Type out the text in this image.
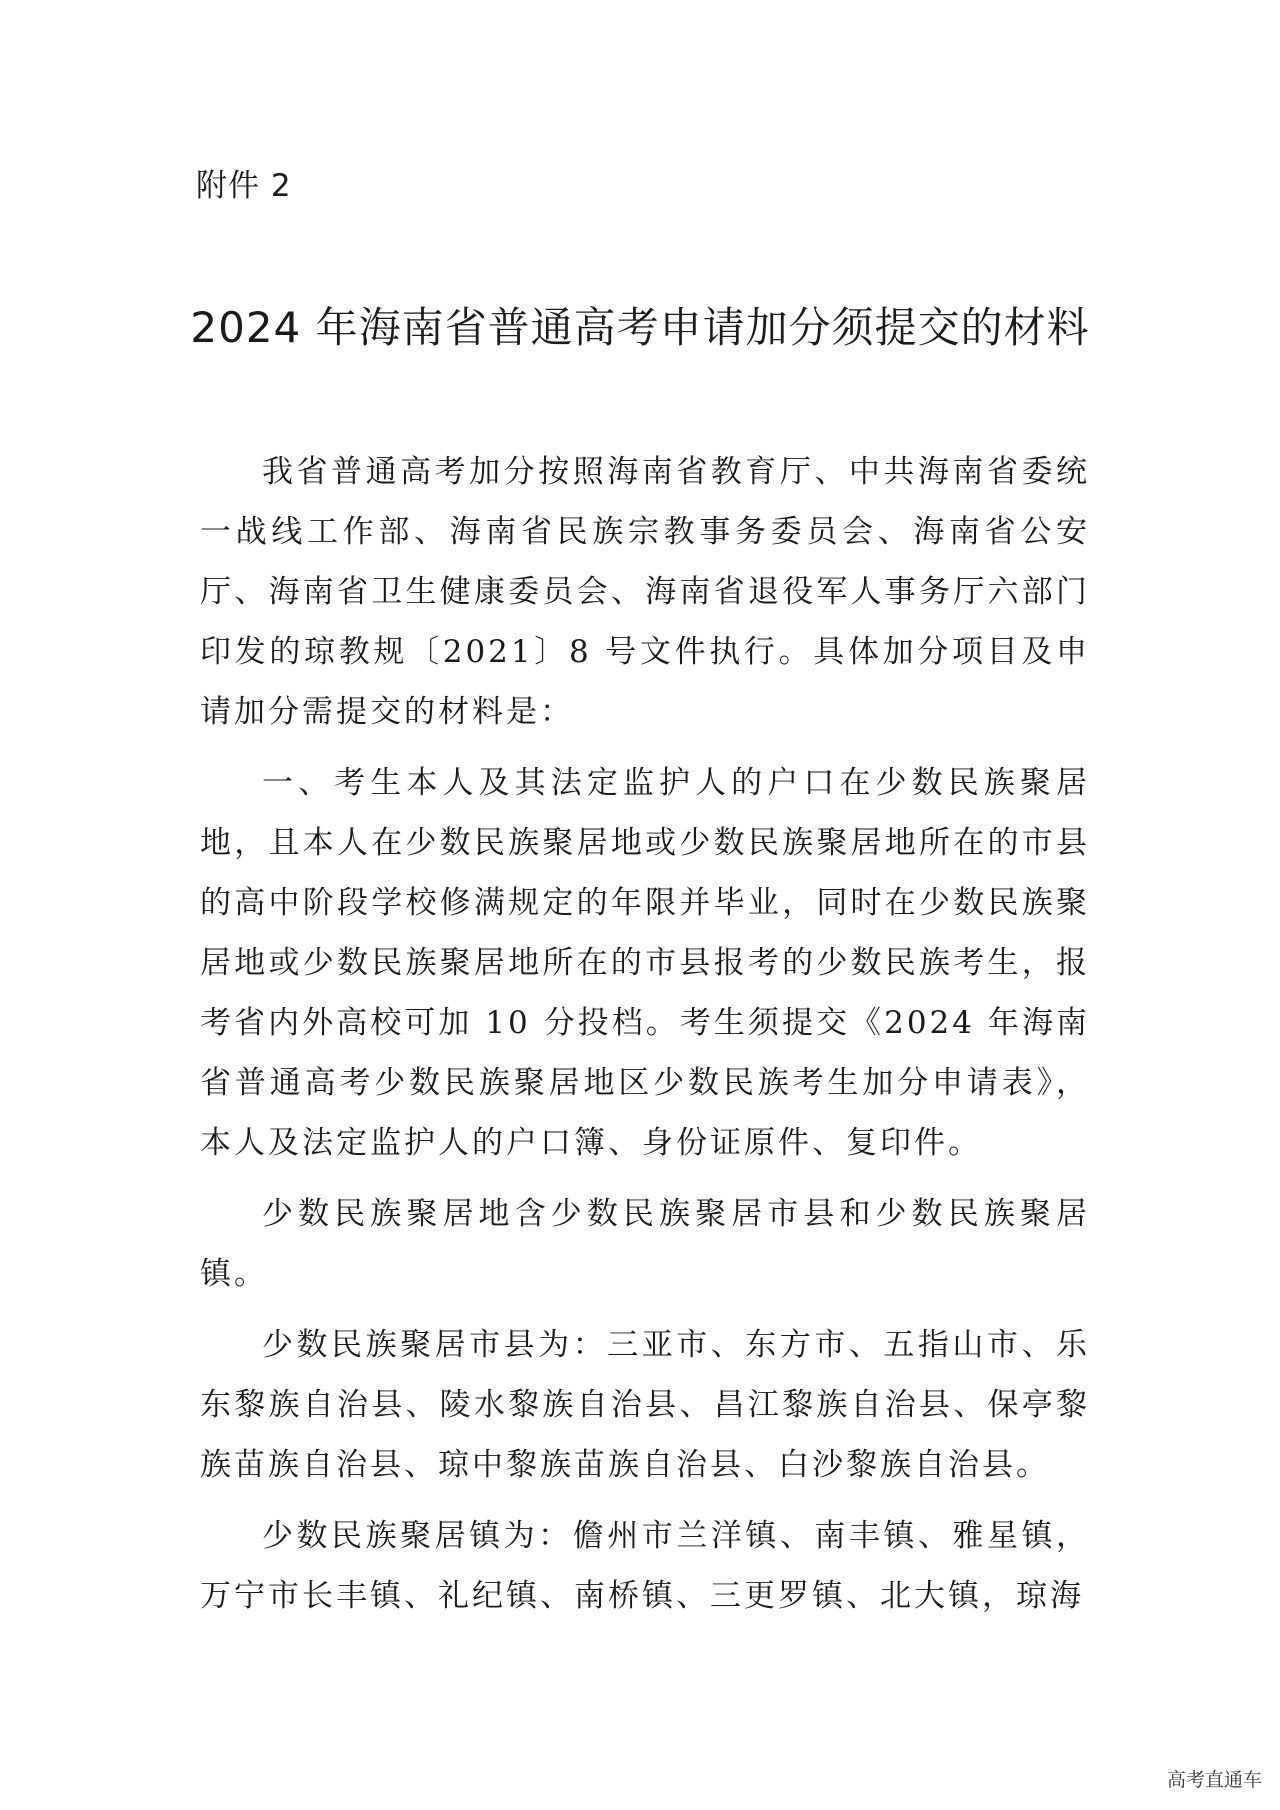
附件 2
2024 年海南省普通高考申请加分须提交的材料

我省普通高考加分按照海南省教育厅、中共海南省委统一战线工作部、海南省民族宗教事务委员会、海南省公安厅、海南省卫生健康委员会、海南省退役军人事务厅六部门印发的琼教规〔2021〕8 号文件执行。具体加分项目及申请加分需提交的材料是：

一、考生本人及其法定监护人的户口在少数民族聚居地，且本人在少数民族聚居地或少数民族聚居地所在的市县的高中阶段学校修满规定的年限并毕业，同时在少数民族聚居地或少数民族聚居地所在的市县报考的少数民族考生，报考省内外高校可加 10 分投档。考生须提交《2024 年海南省普通高考少数民族聚居地区少数民族考生加分申请表》，本人及法定监护人的户口簿、身份证原件、复印件。

少数民族聚居地含少数民族聚居市县和少数民族聚居镇。

少数民族聚居市县为：三亚市、东方市、五指山市、乐东黎族自治县、陵水黎族自治县、昌江黎族自治县、保亭黎族苗族自治县、琼中黎族苗族自治县、白沙黎族自治县。

少数民族聚居镇为：儋州市兰洋镇、南丰镇、雅星镇，万宁市长丰镇、礼纪镇、南桥镇、三更罗镇、北大镇，琼海

高考直通车
